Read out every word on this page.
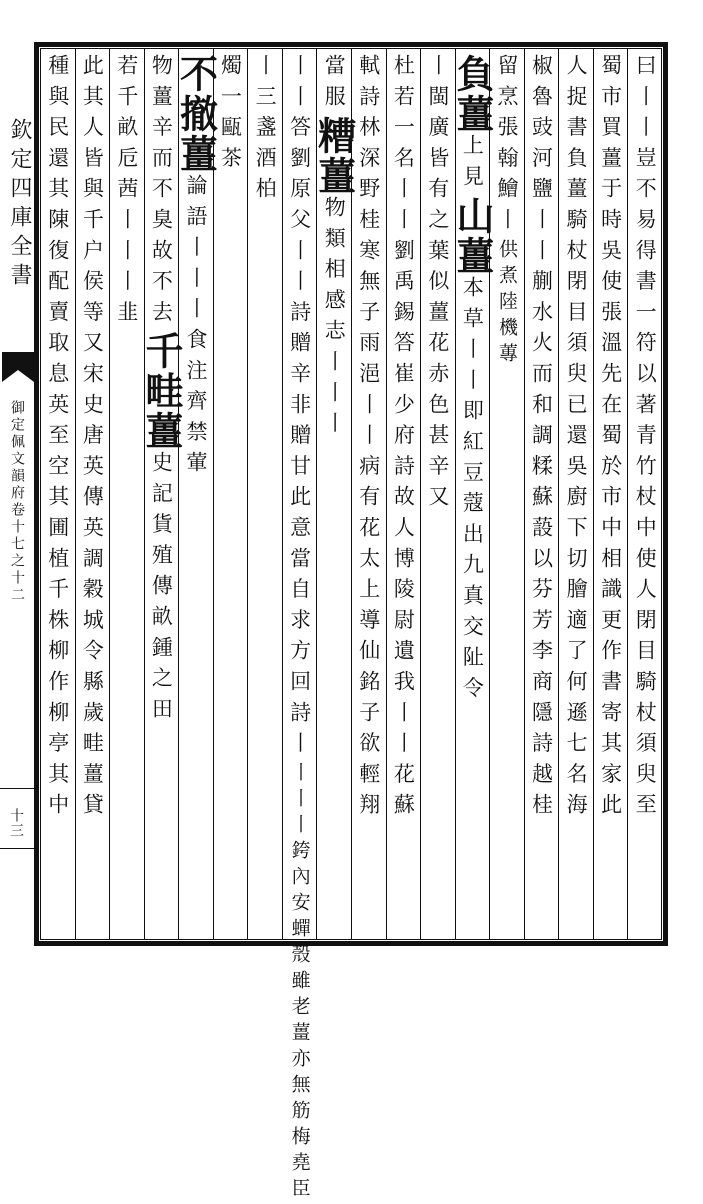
欽定四庫全書
御定佩文韻府卷十七之十二
十三	曰丨丨豈不易得書一符以著青竹杖中使人閉目騎杖須臾至
蜀市買薑于時吳使張溫先在蜀於市中相識更作書寄其家此
人捉書負薑騎杖閉目須臾已還吳廚下切膾適了何遜七名海
椒魯豉河鹽丨丨蒯水火而和調糅蘇蔎以芬芳李商隱詩越桂
留烹張翰鱠丨
供煮陸機蓴
負薑
上見
山薑
本草丨丨即紅豆蔻出九真交阯令
丨閩廣皆有之葉似薑花赤色甚辛又
杜若一名丨丨劉禹錫答崔少府詩故人博陵尉遺我丨丨花蘇
軾詩林深野桂寒無子雨浥丨丨病有花太上導仙銘子欲輕翔
當服
糟薑
物類相感志丨丨丨
丨丨答劉原父丨丨詩贈辛非贈甘此意當自求方回詩丨
丨丨丨銙內安蟬殼雖老薑亦無筋梅堯臣
丨三盞酒柏
燭一甌茶
不撤薑
論語丨丨丨食注齊禁葷
物薑辛而不臭故不去
千畦薑
史記貨殖傳畝鍾之田
若千畝卮茜丨丨丨韭
此其人皆與千户侯等又宋史唐英傳英調穀城令縣歲畦薑貸
種與民還其陳復配賣取息英至空其圃植千株柳作柳亭其中
